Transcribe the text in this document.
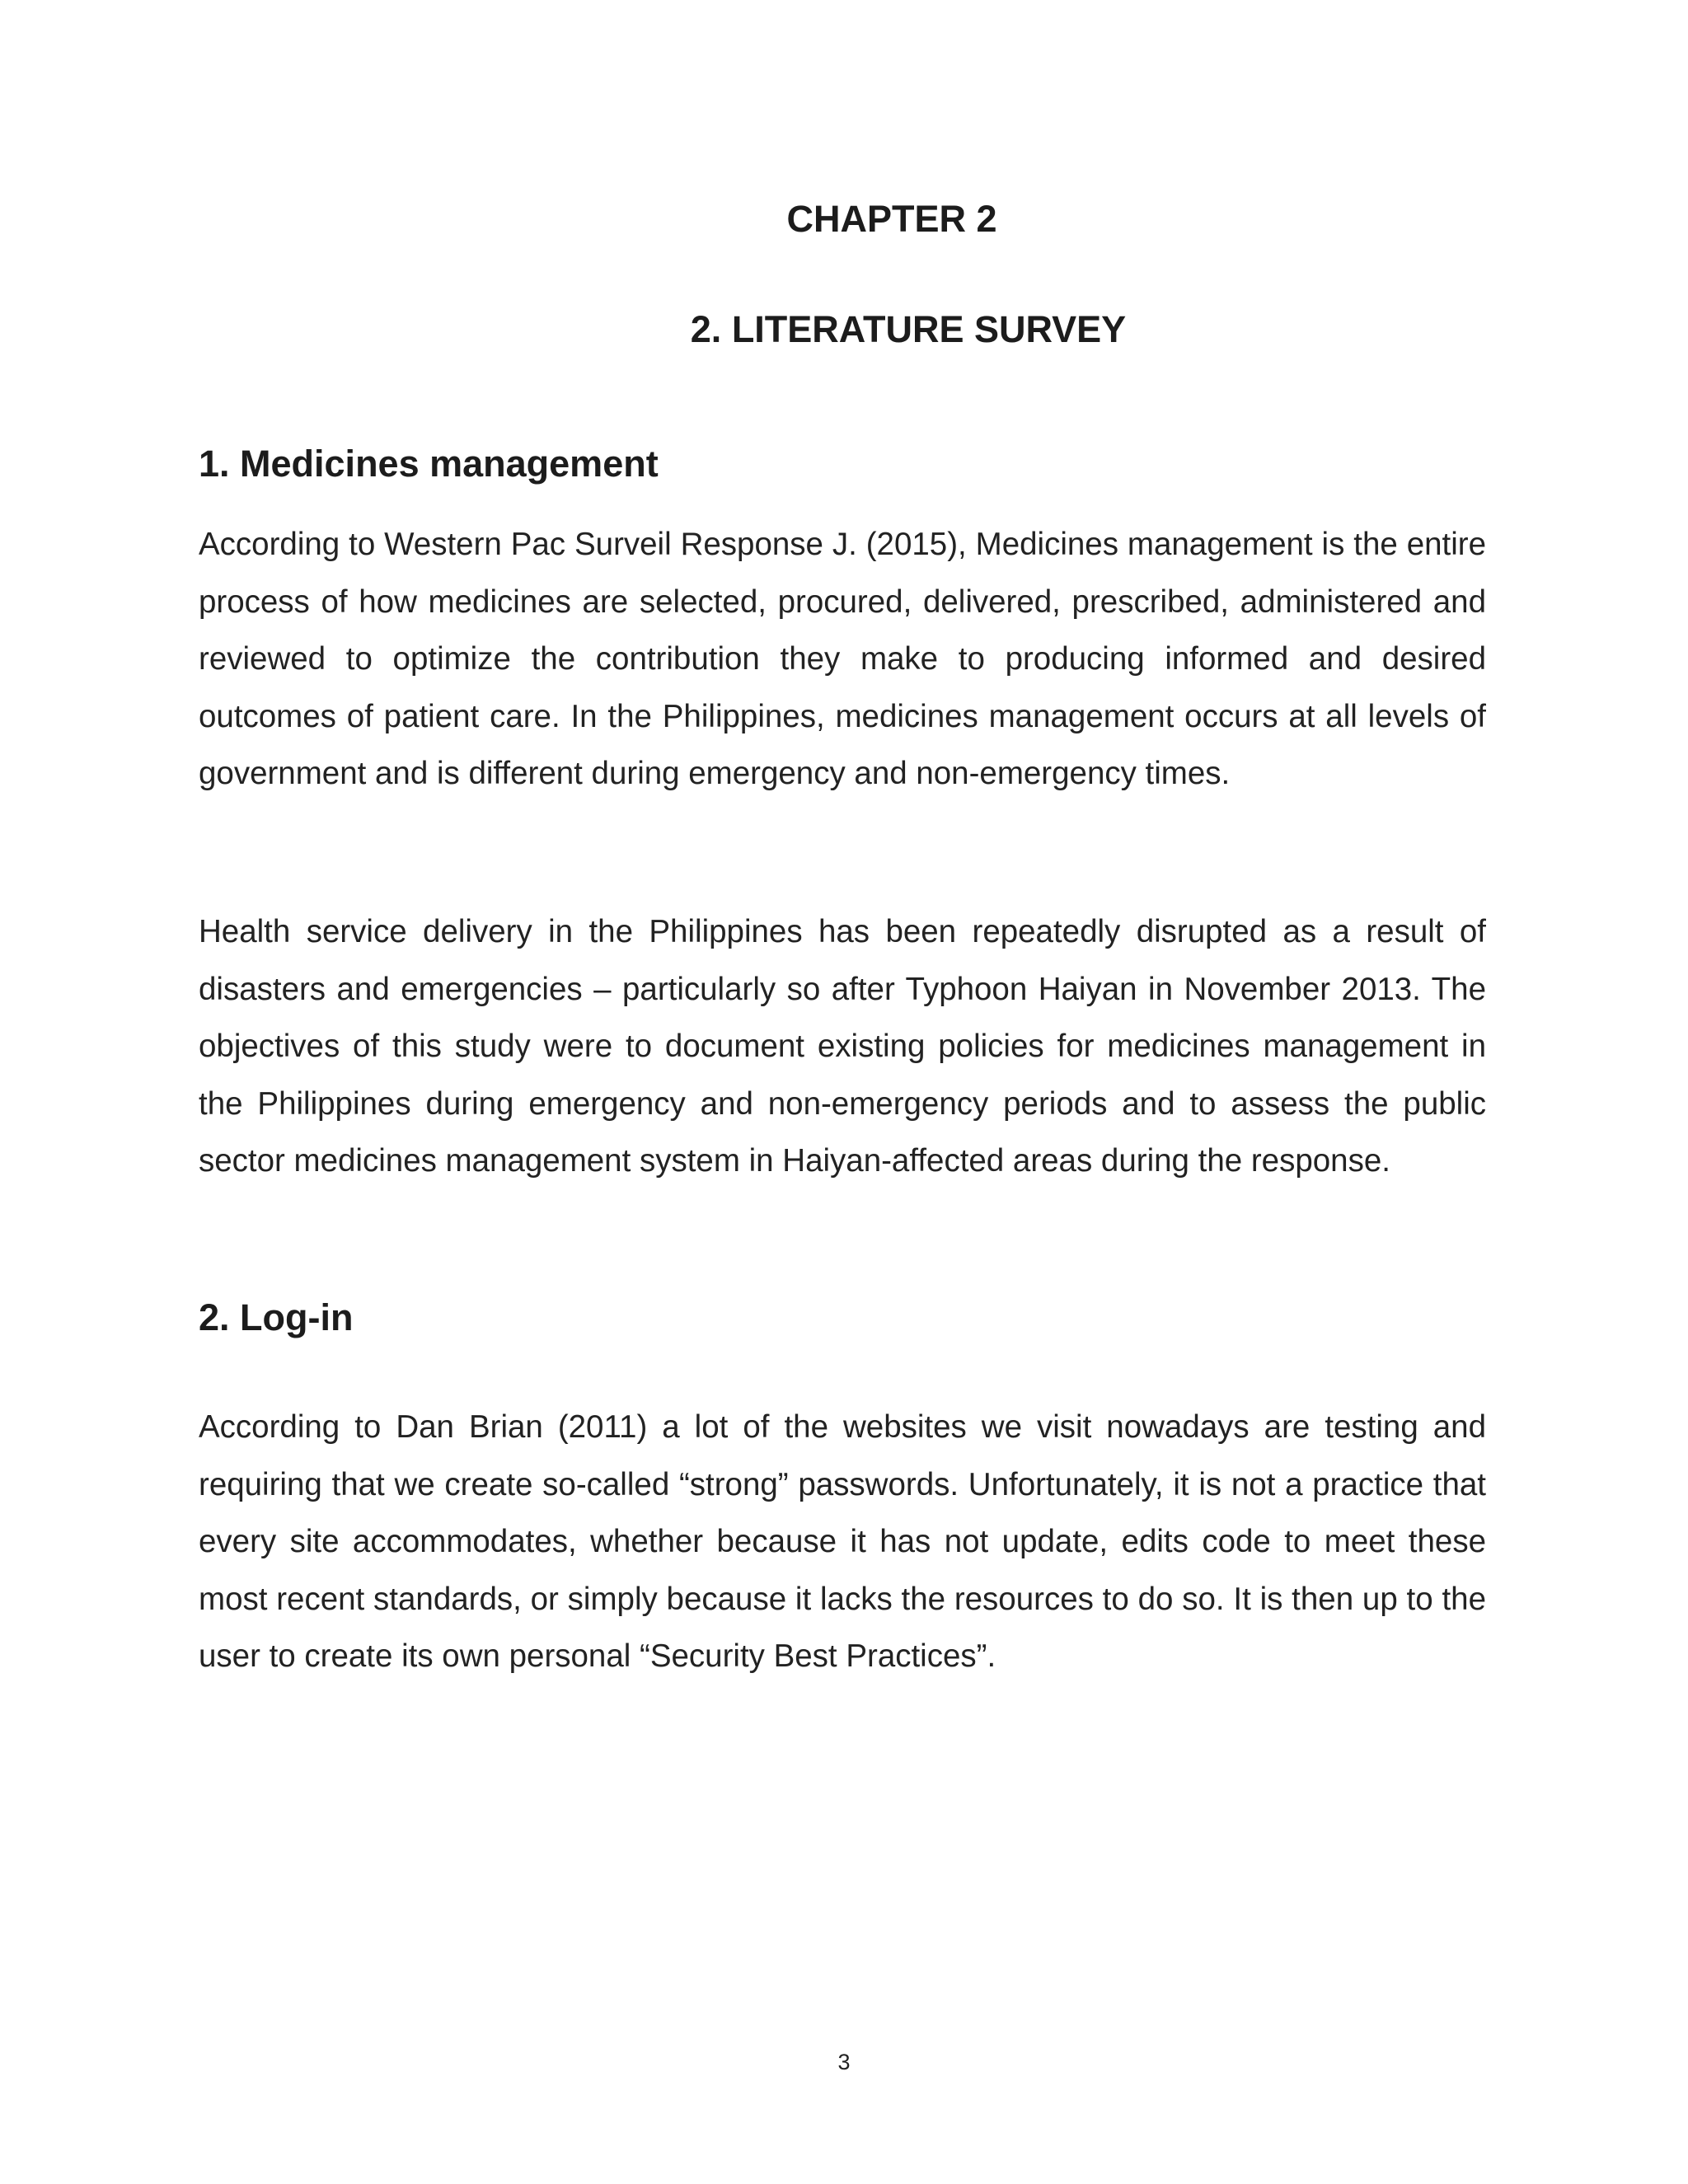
CHAPTER 2
2. LITERATURE SURVEY
1. Medicines management

According to Western Pac Surveil Response J. (2015), Medicines management is the entire process of how medicines are selected, procured, delivered, prescribed, administered and reviewed to optimize the contribution they make to producing informed and desired outcomes of patient care. In the Philippines, medicines management occurs at all levels of government and is different during emergency and non-emergency times.

Health service delivery in the Philippines has been repeatedly disrupted as a result of disasters and emergencies – particularly so after Typhoon Haiyan in November 2013. The objectives of this study were to document existing policies for medicines management in the Philippines during emergency and non-emergency periods and to assess the public sector medicines management system in Haiyan-affected areas during the response.

2. Log-in

According to Dan Brian (2011) a lot of the websites we visit nowadays are testing and requiring that we create so-called “strong” passwords. Unfortunately, it is not a practice that every site accommodates, whether because it has not update, edits code to meet these most recent standards, or simply because it lacks the resources to do so. It is then up to the user to create its own personal “Security Best Practices”.

3
